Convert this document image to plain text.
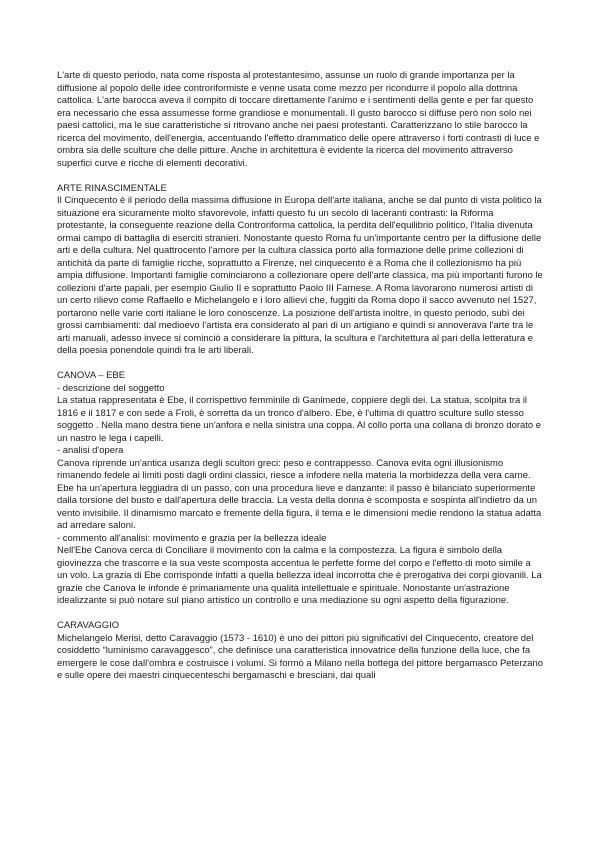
L'arte di questo periodo, nata come risposta al protestantesimo, assunse un ruolo di grande importanza per la diffusione al popolo delle idee controriformiste e venne usata come mezzo per ricondurre il popolo alla dottrina cattolica. L'arte barocca aveva il compito di toccare direttamente l'animo e i sentimenti della gente e per far questo era necessario che essa assumesse forme grandiose e monumentali. Il gusto barocco si diffuse però non solo nei paesi cattolici, ma le sue caratteristiche si ritrovano anche nei paesi protestanti. Caratterizzano lo stile barocco la ricerca del movimento, dell'energia, accentuando l'effetto drammatico delle opere attraverso i forti contrasti di luce e ombra sia delle sculture che delle pitture. Anche in architettura è evidente la ricerca del movimento attraverso superfici curve e ricche di elementi decorativi.

ARTE RINASCIMENTALE

Il Cinquecento è il periodo della massima diffusione in Europa dell'arte italiana, anche se dal punto di vista politico la situazione era sicuramente molto sfavorevole, infatti questo fu un secolo di laceranti contrasti: la Riforma protestante, la conseguente reazione della Controriforma cattolica, la perdita dell'equilibrio politico, l'Italia divenuta ormai campo di battaglia di eserciti stranieri. Nonostante questo Roma fu un'importante centro per la diffusione delle arti e della cultura. Nel quattrocento l'amore per la cultura classica portò alla formazione delle prime collezioni di antichità da parte di famiglie ricche, soprattutto a Firenze, nel cinquecento è a Roma che il collezionismo ha più ampia diffusione. Importanti famiglie cominciarono a collezionare opere dell'arte classica, ma più importanti furono le collezioni d'arte papali, per esempio Giulio II e soprattutto Paolo III Farnese. A Roma lavorarono numerosi artisti di un certo rilievo come Raffaello e Michelangelo e i loro allievi che, fuggiti da Roma dopo il sacco avvenuto nel 1527, portarono nelle varie corti italiane le loro conoscenze. La posizione dell'artista inoltre, in questo periodo, subì dei grossi cambiamenti: dal medioevo l'artista era considerato al pari di un artigiano e quindi si annoverava l'arte tra le arti manuali, adesso invece si cominciò a considerare la pittura, la scultura e l'architettura al pari della letteratura e della poesia ponendole quindi fra le arti liberali.

CANOVA – EBE

- descrizione del soggetto

La statua rappresentata è Ebe, il corrispettivo femminile di Ganimede, coppiere degli dei. La statua, scolpita tra il 1816 e il 1817 e con sede a Froli, è sorretta da un tronco d'albero. Ebe, è l'ultima di quattro sculture sullo stesso soggetto . Nella mano destra tiene un'anfora e nella sinistra una coppa. Al collo porta una collana di bronzo dorato e un nastro le lega i capelli.

- analisi d'opera

Canova riprende un'antica usanza degli scultori greci: peso e contrappesso. Canova evita ogni illusionismo rimanendo fedele ai limiti posti dagli ordini classici, riesce a infodere nella materia la morbidezza della vera carne. Ebe ha un'apertura leggiadra di un passo, con una procedura lieve e danzante: il passo è bilanciato superiormente dalla torsione del busto e dall'apertura delle braccia. La vesta della donna è scomposta e sospinta all'indietro da un vento invisibile. Il dinamismo marcato e fremente della figura, il tema e le dimensioni medie rendono la statua adatta ad arredare saloni.

- commento all'analisi: movimento e grazia per la bellezza ideale

Nell'Ebe Canova cerca di Conciliare il movimento con la calma e la compostezza. La figura è simbolo della giovinezza che trascorre e la sua veste scomposta accentua le perfette forme del corpo e l'effetto di moto simile a un volo. La grazia di Ebe corrisponde infatti a quella bellezza ideal incorrotta che è prerogativa dei corpi giovanili. La grazie che Canova le infonde è primariamente una qualità intellettuale e spirituale. Nonostante un'astrazione idealizzante si può notare sul piano artistico un controllo e una mediazione su ogni aspetto della figurazione.

CARAVAGGIO

Michelangelo Merisi, detto Caravaggio (1573 - 1610) è uno dei pittori più significativi del Cinquecento, creatore del cosiddetto “luminismo caravaggesco”, che definisce una caratteristica innovatrice della funzione della luce, che fa emergere le cose dall'ombra e costruisce i volumi. Si formò a Milano nella bottega del pittore bergamasco Peterzano e sulle opere dei maestri cinquecenteschi bergamaschi e bresciani, dai quali
